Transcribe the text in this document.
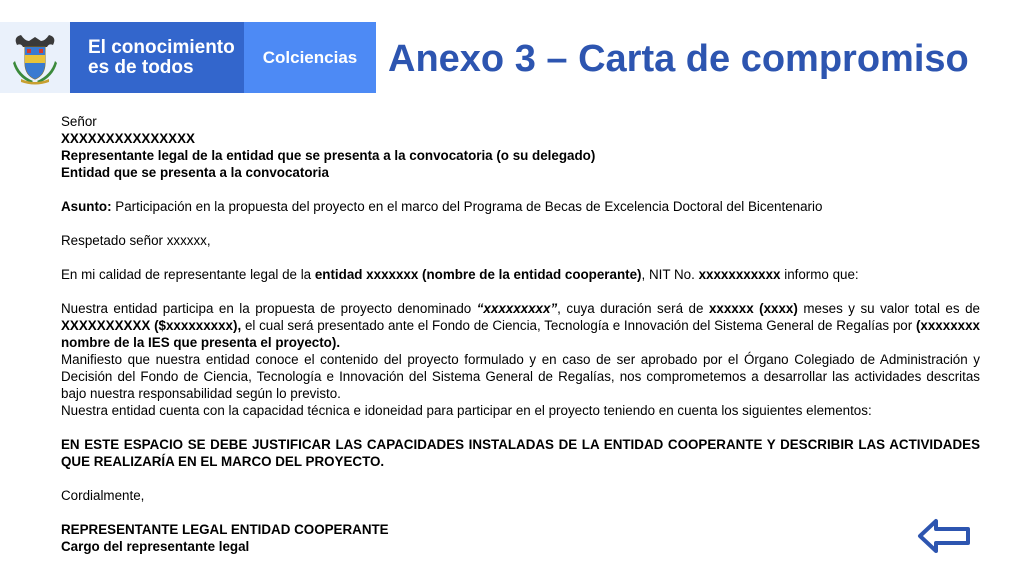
El conocimiento
es de todos	Colciencias Anexo 3 – Carta de compromiso

Señor

XXXXXXXXXXXXXXX

Representante legal de la entidad que se presenta a la convocatoria (o su delegado)

Entidad que se presenta a la convocatoria

Asunto: Participación en la propuesta del proyecto en el marco del Programa de Becas de Excelencia Doctoral del Bicentenario

Respetado señor xxxxxx,

En mi calidad de representante legal de la entidad xxxxxxx (nombre de la entidad cooperante), NIT No. xxxxxxxxxxx informo que:

Nuestra entidad participa en la propuesta de proyecto denominado “xxxxxxxxx”, cuya duración será de xxxxxx (xxxx) meses y su valor total es de XXXXXXXXXX ($xxxxxxxxx), el cual será presentado ante el Fondo de Ciencia, Tecnología e Innovación del Sistema General de Regalías por (xxxxxxxx nombre de la IES que presenta el proyecto).

Manifiesto que nuestra entidad conoce el contenido del proyecto formulado y en caso de ser aprobado por el Órgano Colegiado de Administración y Decisión del Fondo de Ciencia, Tecnología e Innovación del Sistema General de Regalías, nos comprometemos a desarrollar las actividades descritas bajo nuestra responsabilidad según lo previsto.

Nuestra entidad cuenta con la capacidad técnica e idoneidad para participar en el proyecto teniendo en cuenta los siguientes elementos:

EN ESTE ESPACIO SE DEBE JUSTIFICAR LAS CAPACIDADES INSTALADAS DE LA ENTIDAD COOPERANTE Y DESCRIBIR LAS ACTIVIDADES QUE REALIZARÍA EN EL MARCO DEL PROYECTO.

Cordialmente,

REPRESENTANTE LEGAL ENTIDAD COOPERANTE

Cargo del representante legal
